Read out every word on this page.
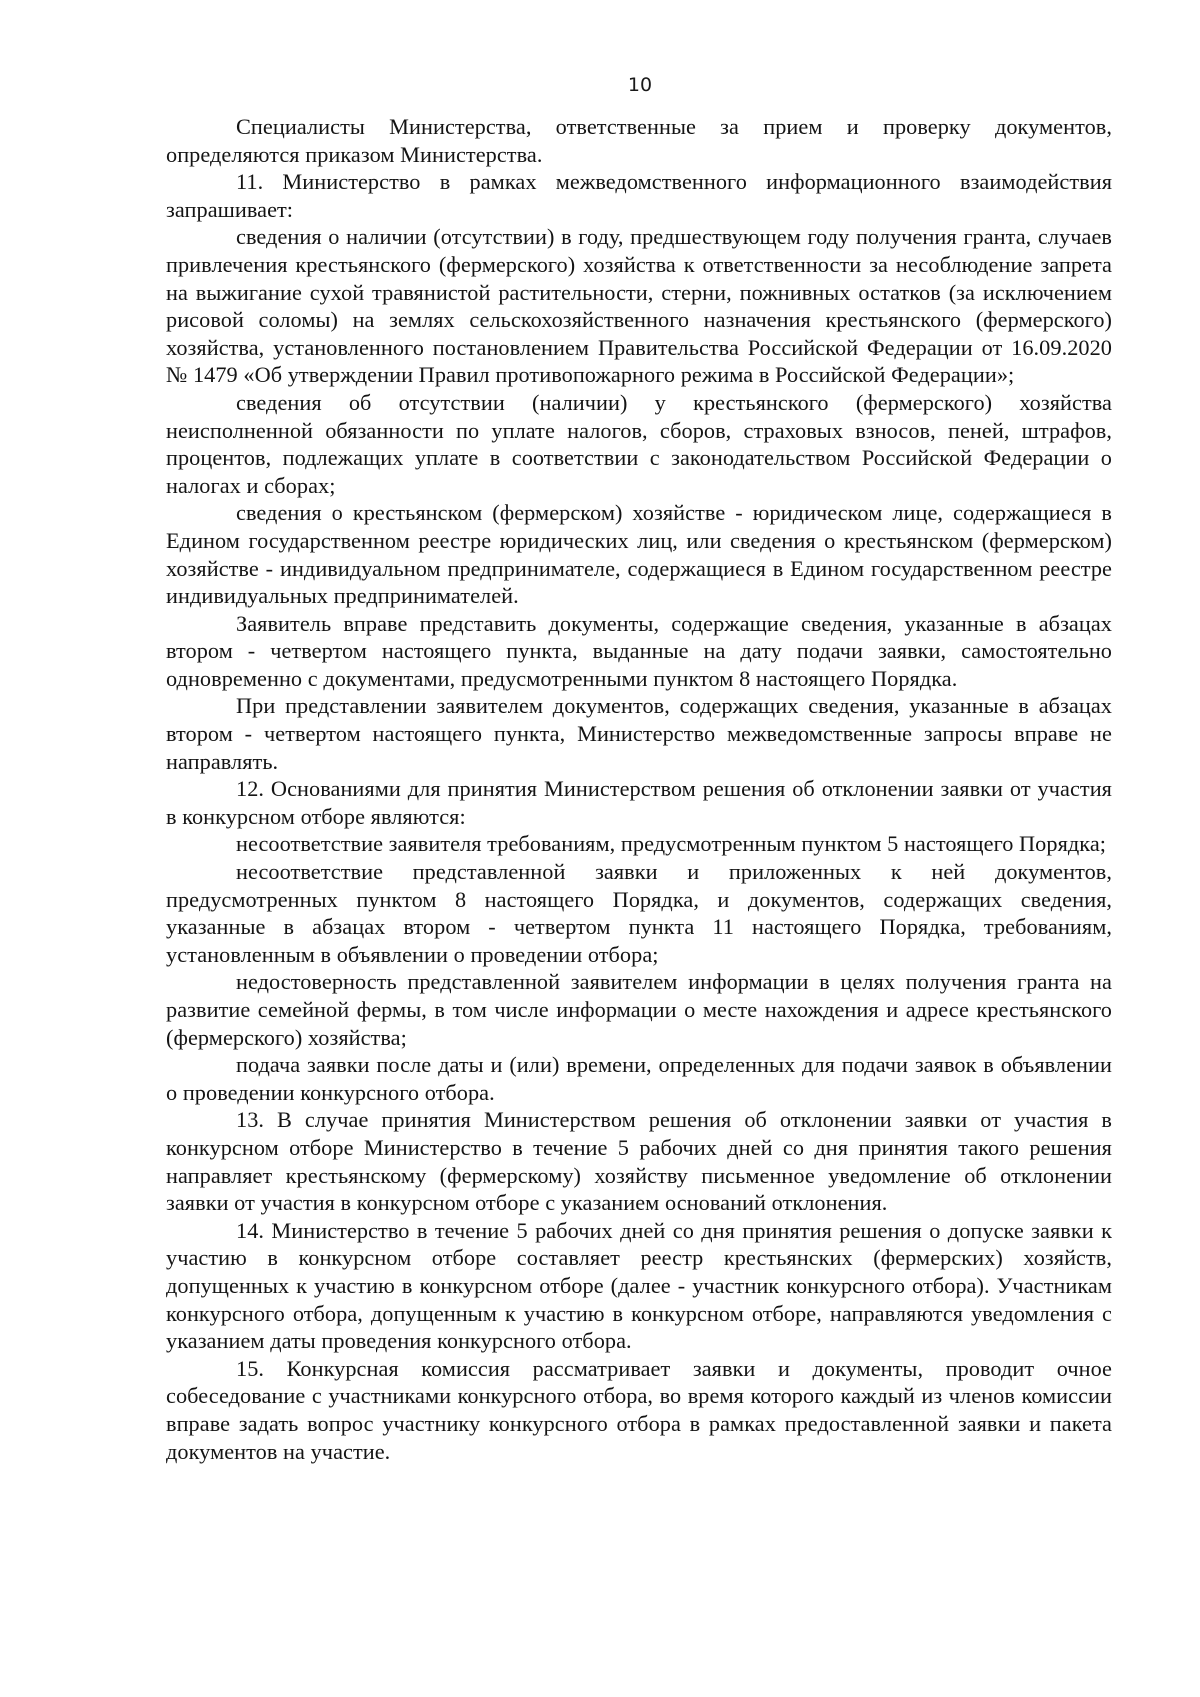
10

Специалисты Министерства, ответственные за прием и проверку документов, определяются приказом Министерства.

11. Министерство в рамках межведомственного информационного взаимодействия запрашивает:

сведения о наличии (отсутствии) в году, предшествующем году получения гранта, случаев привлечения крестьянского (фермерского) хозяйства к ответственности за несоблюдение запрета на выжигание сухой травянистой растительности, стерни, пожнивных остатков (за исключением рисовой соломы) на землях сельскохозяйственного назначения крестьянского (фермерского) хозяйства, установленного постановлением Правительства Российской Федерации от 16.09.2020 № 1479 «Об утверждении Правил противопожарного режима в Российской Федерации»;

сведения об отсутствии (наличии) у крестьянского (фермерского) хозяйства неисполненной обязанности по уплате налогов, сборов, страховых взносов, пеней, штрафов, процентов, подлежащих уплате в соответствии с законодательством Российской Федерации о налогах и сборах;

сведения о крестьянском (фермерском) хозяйстве - юридическом лице, содержащиеся в Едином государственном реестре юридических лиц, или сведения о крестьянском (фермерском) хозяйстве - индивидуальном предпринимателе, содержащиеся в Едином государственном реестре индивидуальных предпринимателей.

Заявитель вправе представить документы, содержащие сведения, указанные в абзацах втором - четвертом настоящего пункта, выданные на дату подачи заявки, самостоятельно одновременно с документами, предусмотренными пунктом 8 настоящего Порядка.

При представлении заявителем документов, содержащих сведения, указанные в абзацах втором - четвертом настоящего пункта, Министерство межведомственные запросы вправе не направлять.

12. Основаниями для принятия Министерством решения об отклонении заявки от участия в конкурсном отборе являются:

несоответствие заявителя требованиям, предусмотренным пунктом 5 настоящего Порядка;

несоответствие представленной заявки и приложенных к ней документов, предусмотренных пунктом 8 настоящего Порядка, и документов, содержащих сведения, указанные в абзацах втором - четвертом пункта 11 настоящего Порядка, требованиям, установленным в объявлении о проведении отбора;

недостоверность представленной заявителем информации в целях получения гранта на развитие семейной фермы, в том числе информации о месте нахождения и адресе крестьянского (фермерского) хозяйства;

подача заявки после даты и (или) времени, определенных для подачи заявок в объявлении о проведении конкурсного отбора.

13. В случае принятия Министерством решения об отклонении заявки от участия в конкурсном отборе Министерство в течение 5 рабочих дней со дня принятия такого решения направляет крестьянскому (фермерскому) хозяйству письменное уведомление об отклонении заявки от участия в конкурсном отборе с указанием оснований отклонения.

14. Министерство в течение 5 рабочих дней со дня принятия решения о допуске заявки к участию в конкурсном отборе составляет реестр крестьянских (фермерских) хозяйств, допущенных к участию в конкурсном отборе (далее - участник конкурсного отбора). Участникам конкурсного отбора, допущенным к участию в конкурсном отборе, направляются уведомления с указанием даты проведения конкурсного отбора.

15. Конкурсная комиссия рассматривает заявки и документы, проводит очное собеседование с участниками конкурсного отбора, во время которого каждый из членов комиссии вправе задать вопрос участнику конкурсного отбора в рамках предоставленной заявки и пакета документов на участие.
